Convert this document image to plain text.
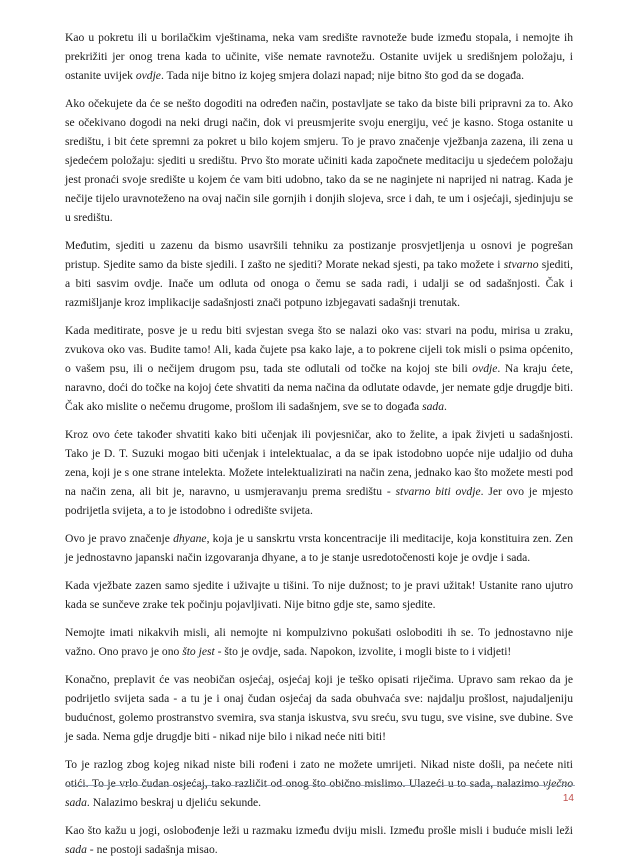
Kao u pokretu ili u borilačkim vještinama, neka vam središte ravnoteže bude između stopala, i nemojte ih prekrižiti jer onog trena kada to učinite, više nemate ravnotežu. Ostanite uvijek u središnjem položaju, i ostanite uvijek ovdje. Tada nije bitno iz kojeg smjera dolazi napad; nije bitno što god da se događa.

Ako očekujete da će se nešto dogoditi na određen način, postavljate se tako da biste bili pripravni za to. Ako se očekivano dogodi na neki drugi način, dok vi preusmjerite svoju energiju, već je kasno. Stoga ostanite u središtu, i bit ćete spremni za pokret u bilo kojem smjeru. To je pravo značenje vježbanja zazena, ili zena u sjedećem položaju: sjediti u središtu. Prvo što morate učiniti kada započnete meditaciju u sjedećem položaju jest pronaći svoje središte u kojem će vam biti udobno, tako da se ne naginjete ni naprijed ni natrag. Kada je nečije tijelo uravnoteženo na ovaj način sile gornjih i donjih slojeva, srce i dah, te um i osjećaji, sjedinjuju se u središtu.

Međutim, sjediti u zazenu da bismo usavršili tehniku za postizanje prosvjetljenja u osnovi je pogrešan pristup. Sjedite samo da biste sjedili. I zašto ne sjediti? Morate nekad sjesti, pa tako možete i stvarno sjediti, a biti sasvim ovdje. Inače um odluta od onoga o čemu se sada radi, i udalji se od sadašnjosti. Čak i razmišljanje kroz implikacije sadašnjosti znači potpuno izbjegavati sadašnji trenutak.

Kada meditirate, posve je u redu biti svjestan svega što se nalazi oko vas: stvari na podu, mirisa u zraku, zvukova oko vas. Budite tamo! Ali, kada čujete psa kako laje, a to pokrene cijeli tok misli o psima općenito, o vašem psu, ili o nečijem drugom psu, tada ste odlutali od točke na kojoj ste bili ovdje. Na kraju ćete, naravno, doći do točke na kojoj ćete shvatiti da nema načina da odlutate odavde, jer nemate gdje drugdje biti. Čak ako mislite o nečemu drugome, prošlom ili sadašnjem, sve se to događa sada.

Kroz ovo ćete također shvatiti kako biti učenjak ili povjesničar, ako to želite, a ipak živjeti u sadašnjosti. Tako je D. T. Suzuki mogao biti učenjak i intelektualac, a da se ipak istodobno uopće nije udaljio od duha zena, koji je s one strane intelekta. Možete intelektualizirati na način zena, jednako kao što možete mesti pod na način zena, ali bit je, naravno, u usmjeravanju prema središtu - stvarno biti ovdje. Jer ovo je mjesto podrijetla svijeta, a to je istodobno i odredište svijeta.

Ovo je pravo značenje dhyane, koja je u sanskrtu vrsta koncentracije ili meditacije, koja konstituira zen. Zen je jednostavno japanski način izgovaranja dhyane, a to je stanje usredotočenosti koje je ovdje i sada.

Kada vježbate zazen samo sjedite i uživajte u tišini. To nije dužnost; to je pravi užitak! Ustanite rano ujutro kada se sunčeve zrake tek počinju pojavljivati. Nije bitno gdje ste, samo sjedite.

Nemojte imati nikakvih misli, ali nemojte ni kompulzivno pokušati osloboditi ih se. To jednostavno nije važno. Ono pravo je ono što jest - što je ovdje, sada. Napokon, izvolite, i mogli biste to i vidjeti!

Konačno, preplavit će vas neobičan osjećaj, osjećaj koji je teško opisati riječima. Upravo sam rekao da je podrijetlo svijeta sada - a tu je i onaj čudan osjećaj da sada obuhvaća sve: najdalju prošlost, najudaljeniju budućnost, golemo prostranstvo svemira, sva stanja iskustva, svu sreću, svu tugu, sve visine, sve dubine. Sve je sada. Nema gdje drugdje biti - nikad nije bilo i nikad neće niti biti!

To je razlog zbog kojeg nikad niste bili rođeni i zato ne možete umrijeti. Nikad niste došli, pa nećete niti otići. To je vrlo čudan osjećaj, tako različit od onog što obično mislimo. Ulazeći u to sada, nalazimo vječno sada. Nalazimo beskraj u djeliću sekunde.

Kao što kažu u jogi, oslobođenje leži u razmaku između dviju misli. Između prošle misli i buduće misli leži sada - ne postoji sadašnja misao.

14
